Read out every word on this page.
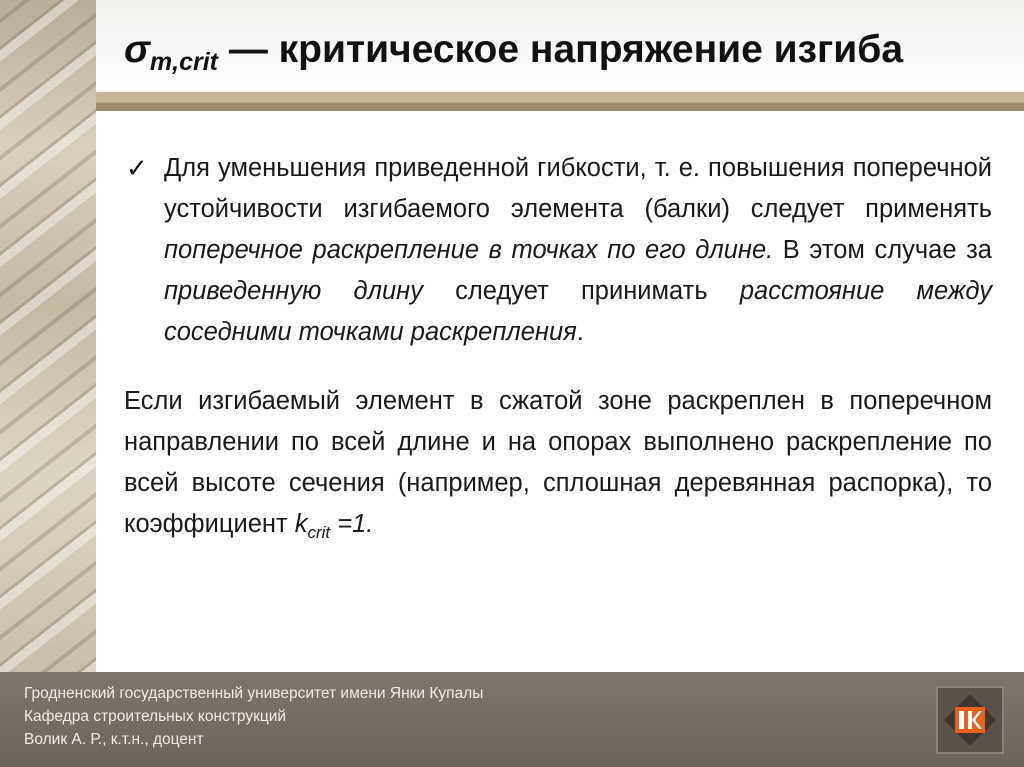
$\sigma_{m,crit}$ — критическое напряжение изгиба
✓ Для уменьшения приведенной гибкости, т. е. повышения поперечной устойчивости изгибаемого элемента (балки) следует применять поперечное раскрепление в точках по его длине. В этом случае за приведенную длину следует принимать расстояние между соседними точками раскрепления.

Если изгибаемый элемент в сжатой зоне раскреплен в поперечном направлении по всей длине и на опорах выполнено раскрепление по всей высоте сечения (например, сплошная деревянная распорка), то коэффициент $k_{crit} =1$.

Гродненский государственный университет имени Янки Купалы
Кафедра строительных конструкций
Волик А. Р., к.т.н., доцент
